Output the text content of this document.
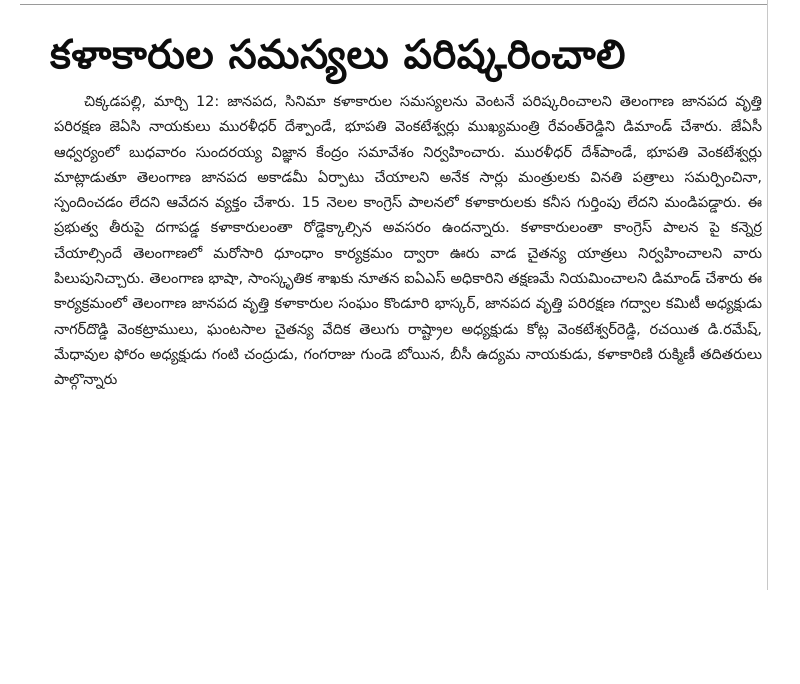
కళాకారుల సమస్యలు పరిష్కరించాలి

చిక్కడపల్లి, మార్చి 12: జానపద, సినిమా కళాకారుల సమస్యలను వెంటనే పరిష్కరించాలని తెలంగాణ జానపద వృత్తి పరిరక్షణ జెఏసి నాయకులు మురళీధర్ దేశ్పాండే, భూపతి వెంకటేశ్వర్లు ముఖ్యమంత్రి రేవంత్‌రెడ్డిని డిమాండ్ చేశారు. జేఏసీ ఆధ్వర్యంలో బుధవారం సుందరయ్య విజ్ఞాన కేంద్రం సమావేశం నిర్వహించారు. మురళీధర్ దేశ్‌పాండే, భూపతి వెంకటేశ్వర్లు మాట్లాడుతూ తెలంగాణ జానపద అకాడమీ ఏర్పాటు చేయాలని అనేక సార్లు మంత్రులకు వినతి పత్రాలు సమర్పించినా, స్పందించడం లేదని ఆవేదన వ్యక్తం చేశారు. 15 నెలల కాంగ్రెస్ పాలనలో కళాకారులకు కనీస గుర్తింపు లేదని మండిపడ్డారు. ఈ ప్రభుత్వ తీరుపై దగాపడ్డ కళాకారులంతా రోడ్డెక్కాల్సిన అవసరం ఉందన్నారు. కళాకారులంతా కాంగ్రెస్ పాలన పై కన్నెర్ర చేయాల్సిందే తెలంగాణలో మరోసారి ధూంధాం కార్యక్రమం ద్వారా ఊరు వాడ చైతన్య యాత్రలు నిర్వహించాలని వారు పిలుపునిచ్చారు. తెలంగాణ భాషా, సాంస్కృతిక శాఖకు నూతన ఐఏఎస్ అధికారిని తక్షణమే నియమించాలని డిమాండ్ చేశారు ఈ కార్యక్రమంలో తెలంగాణ జానపద వృత్తి కళాకారుల సంఘం కొండూరి భాస్కర్, జానపద వృత్తి పరిరక్షణ గద్వాల కమిటీ అధ్యక్షుడు నాగర్‌దొడ్డి వెంకట్రాములు, ఘంటసాల చైతన్య వేదిక తెలుగు రాష్ట్రాల అధ్యక్షుడు కోట్ల వెంకటేశ్వర్‌రెడ్డి, రచయిత డి.రమేష్, మేధావుల ఫోరం అధ్యక్షుడు గంటి చంద్రుడు, గంగరాజు గుండె బోయిన, బీసీ ఉద్యమ నాయకుడు, కళాకారిణి రుక్మిణీ తదితరులు పాల్గొన్నారు
